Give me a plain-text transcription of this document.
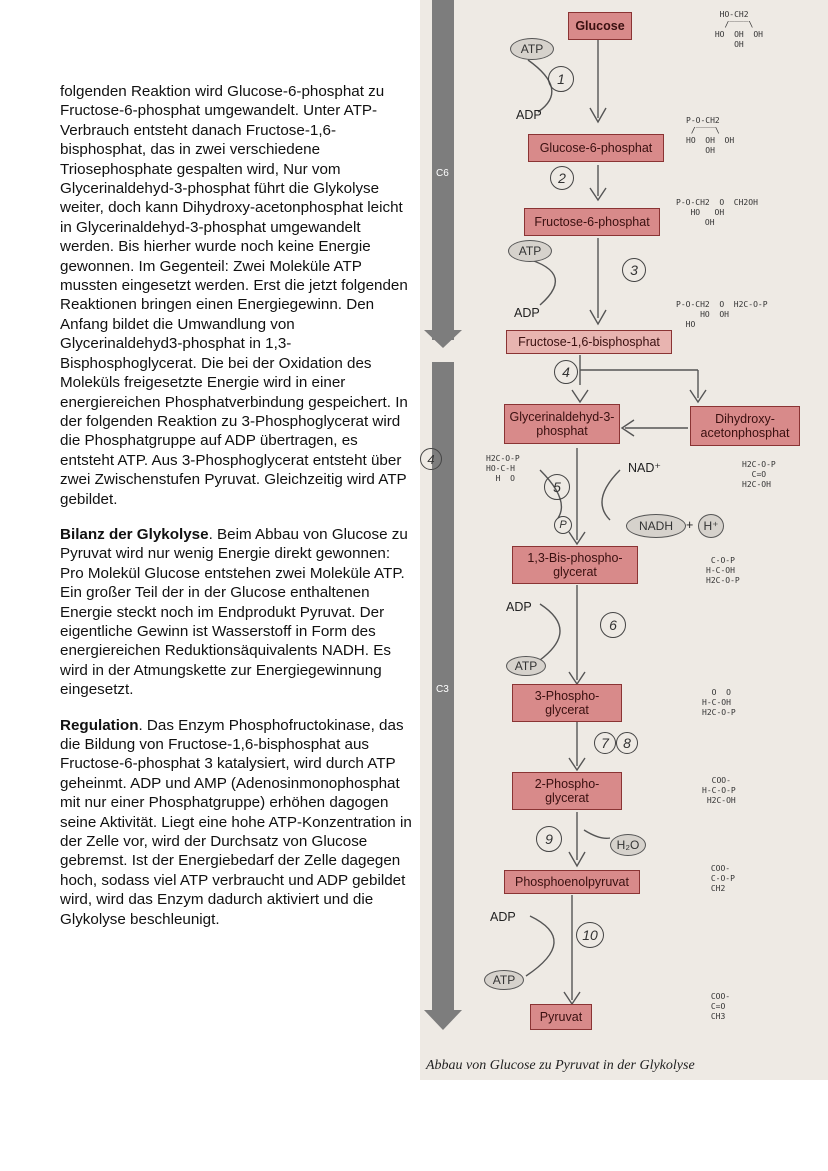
folgenden Reaktion wird Glucose-6-phosphat zu Fructose-6-phosphat umgewandelt. Unter ATP-Verbrauch entsteht danach Fructose-1,6-bisphosphat, das in zwei verschiedene Triosephosphate gespalten wird, Nur vom Glycerinaldehyd-3-phosphat führt die Glykolyse weiter, doch kann Dihydroxy-acetonphosphat leicht in Glycerinaldehyd-3-phosphat umgewandelt werden. Bis hierher wurde noch keine Energie gewonnen. Im Gegenteil: Zwei Moleküle ATP mussten eingesetzt werden. Erst die jetzt folgenden Reaktionen bringen einen Energiegewinn. Den Anfang bildet die Umwandlung von Glycerinaldehyd3-phosphat in 1,3-Bisphosphoglycerat. Die bei der Oxidation des Moleküls freigesetzte Energie wird in einer energiereichen Phosphatverbindung gespeichert. In der folgenden Reaktion zu 3-Phosphoglycerat wird die Phosphatgruppe auf ADP übertragen, es entsteht ATP. Aus 3-Phosphoglycerat entsteht über zwei Zwischenstufen Pyruvat. Gleichzeitig wird ATP gebildet.

Bilanz der Glykolyse. Beim Abbau von Glucose zu Pyruvat wird nur wenig Energie direkt gewonnen: Pro Molekül Glucose entstehen zwei Moleküle ATP. Ein großer Teil der in der Glucose enthaltenen Energie steckt noch im Endprodukt Pyruvat. Der eigentliche Gewinn ist Wasserstoff in Form des energiereichen Reduktionsäquivalents NADH. Es wird in der Atmungskette zur Energiegewinnung eingesetzt.

Regulation. Das Enzym Phosphofructokinase, das die Bildung von Fructose-1,6-bisphosphat aus Fructose-6-phosphat 3 katalysiert, wird durch ATP geheinmt. ADP und AMP (Adenosinmonophosphat mit nur einer Phosphatgruppe) erhöhen dagogen seine Aktivität. Liegt eine hohe ATP-Konzentration in der Zelle vor, wird der Durchsatz von Glucose gebremst. Ist der Energiebedarf der Zelle dagegen hoch, sodass viel ATP verbraucht und ADP gebildet wird, wird das Enzym dadurch aktiviert und die Glykolyse beschleunigt.

C6
C3
Glucose
Glucose-6-phosphat
Fructose-6-phosphat
Fructose-1,6-bisphosphat
Glycerinaldehyd-3-phosphat
Dihydroxy-acetonphosphat
1,3-Bis-phospho-glycerat
3-Phospho-glycerat
2-Phospho-glycerat
Phosphoenolpyruvat
Pyruvat
ATP
ADP
ATP
ADP
NAD⁺
NADH	+ H⁺
P
ADP
ATP
H₂O
ADP
ATP
1
2
3
4
5
6
7	8
9
10
HO-CH2
/‾‾‾‾\
HO  OH  OH
OH
P-O-CH2
/‾‾‾‾\
HO  OH  OH
OH
P-O-CH2  O  CH2OH
HO   OH
OH
P-O-CH2  O  H2C-O-P
HO  OH
HO
H2C-O-P
C=O
H2C-OH
H2C-O-P
HO-C-H
H  O
C-O-P
H-C-OH
H2C-O-P
O  O
H-C-OH
H2C-O-P
COO-
H-C-O-P
H2C-OH
COO-
C-O-P
CH2
COO-
C=O
CH3
4
Abbau von Glucose zu Pyruvat in der Glykolyse
